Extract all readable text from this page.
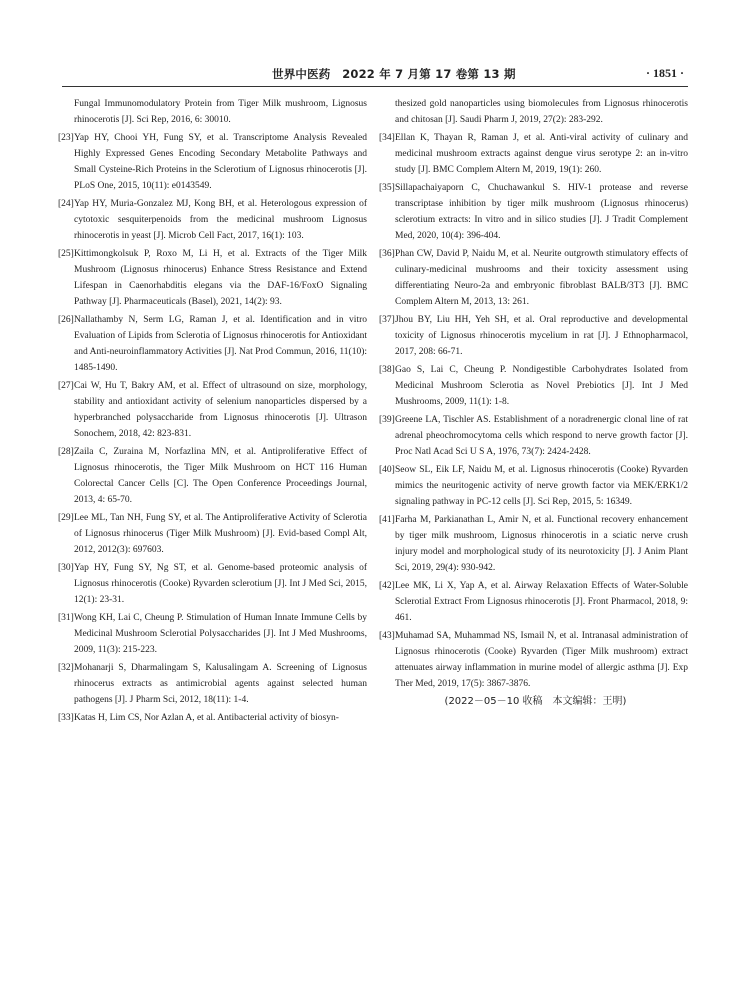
世界中医药　2022 年 7 月第 17 卷第 13 期	· 1851 ·

Fungal Immunomodulatory Protein from Tiger Milk mushroom, Lignosus rhinocerotis [J]. Sci Rep, 2016, 6: 30010.

[23]Yap HY, Chooi YH, Fung SY, et al. Transcriptome Analysis Revealed Highly Expressed Genes Encoding Secondary Metabolite Pathways and Small Cysteine-Rich Proteins in the Sclerotium of Lignosus rhinocerotis [J]. PLoS One, 2015, 10(11): e0143549.

[24]Yap HY, Muria-Gonzalez MJ, Kong BH, et al. Heterologous expression of cytotoxic sesquiterpenoids from the medicinal mushroom Lignosus rhinocerotis in yeast [J]. Microb Cell Fact, 2017, 16(1): 103.

[25]Kittimongkolsuk P, Roxo M, Li H, et al. Extracts of the Tiger Milk Mushroom (Lignosus rhinocerus) Enhance Stress Resistance and Extend Lifespan in Caenorhabditis elegans via the DAF-16/FoxO Signaling Pathway [J]. Pharmaceuticals (Basel), 2021, 14(2): 93.

[26]Nallathamby N, Serm LG, Raman J, et al. Identification and in vitro Evaluation of Lipids from Sclerotia of Lignosus rhinocerotis for Antioxidant and Anti-neuroinflammatory Activities [J]. Nat Prod Commun, 2016, 11(10): 1485-1490.

[27]Cai W, Hu T, Bakry AM, et al. Effect of ultrasound on size, morphology, stability and antioxidant activity of selenium nanoparticles dispersed by a hyperbranched polysaccharide from Lignosus rhinocerotis [J]. Ultrason Sonochem, 2018, 42: 823-831.

[28]Zaila C, Zuraina M, Norfazlina MN, et al. Antiproliferative Effect of Lignosus rhinocerotis, the Tiger Milk Mushroom on HCT 116 Human Colorectal Cancer Cells [C]. The Open Conference Proceedings Journal, 2013, 4: 65-70.

[29]Lee ML, Tan NH, Fung SY, et al. The Antiproliferative Activity of Sclerotia of Lignosus rhinocerus (Tiger Milk Mushroom) [J]. Evid-based Compl Alt, 2012, 2012(3): 697603.

[30]Yap HY, Fung SY, Ng ST, et al. Genome-based proteomic analysis of Lignosus rhinocerotis (Cooke) Ryvarden sclerotium [J]. Int J Med Sci, 2015, 12(1): 23-31.

[31]Wong KH, Lai C, Cheung P. Stimulation of Human Innate Immune Cells by Medicinal Mushroom Sclerotial Polysaccharides [J]. Int J Med Mushrooms, 2009, 11(3): 215-223.

[32]Mohanarji S, Dharmalingam S, Kalusalingam A. Screening of Lignosus rhinocerus extracts as antimicrobial agents against selected human pathogens [J]. J Pharm Sci, 2012, 18(11): 1-4.

[33]Katas H, Lim CS, Nor Azlan A, et al. Antibacterial activity of biosyn-

thesized gold nanoparticles using biomolecules from Lignosus rhinocerotis and chitosan [J]. Saudi Pharm J, 2019, 27(2): 283-292.

[34]Ellan K, Thayan R, Raman J, et al. Anti-viral activity of culinary and medicinal mushroom extracts against dengue virus serotype 2: an in-vitro study [J]. BMC Complem Altern M, 2019, 19(1): 260.

[35]Sillapachaiyaporn C, Chuchawankul S. HIV-1 protease and reverse transcriptase inhibition by tiger milk mushroom (Lignosus rhinocerus) sclerotium extracts: In vitro and in silico studies [J]. J Tradit Complement Med, 2020, 10(4): 396-404.

[36]Phan CW, David P, Naidu M, et al. Neurite outgrowth stimulatory effects of culinary-medicinal mushrooms and their toxicity assessment using differentiating Neuro-2a and embryonic fibroblast BALB/3T3 [J]. BMC Complem Altern M, 2013, 13: 261.

[37]Jhou BY, Liu HH, Yeh SH, et al. Oral reproductive and developmental toxicity of Lignosus rhinocerotis mycelium in rat [J]. J Ethnopharmacol, 2017, 208: 66-71.

[38]Gao S, Lai C, Cheung P. Nondigestible Carbohydrates Isolated from Medicinal Mushroom Sclerotia as Novel Prebiotics [J]. Int J Med Mushrooms, 2009, 11(1): 1-8.

[39]Greene LA, Tischler AS. Establishment of a noradrenergic clonal line of rat adrenal pheochromocytoma cells which respond to nerve growth factor [J]. Proc Natl Acad Sci U S A, 1976, 73(7): 2424-2428.

[40]Seow SL, Eik LF, Naidu M, et al. Lignosus rhinocerotis (Cooke) Ryvarden mimics the neuritogenic activity of nerve growth factor via MEK/ERK1/2 signaling pathway in PC-12 cells [J]. Sci Rep, 2015, 5: 16349.

[41]Farha M, Parkianathan L, Amir N, et al. Functional recovery enhancement by tiger milk mushroom, Lignosus rhinocerotis in a sciatic nerve crush injury model and morphological study of its neurotoxicity [J]. J Anim Plant Sci, 2019, 29(4): 930-942.

[42]Lee MK, Li X, Yap A, et al. Airway Relaxation Effects of Water-Soluble Sclerotial Extract From Lignosus rhinocerotis [J]. Front Pharmacol, 2018, 9: 461.

[43]Muhamad SA, Muhammad NS, Ismail N, et al. Intranasal administration of Lignosus rhinocerotis (Cooke) Ryvarden (Tiger Milk mushroom) extract attenuates airway inflammation in murine model of allergic asthma [J]. Exp Ther Med, 2019, 17(5): 3867-3876.

(2022－05－10 收稿　本文编辑：王明)
